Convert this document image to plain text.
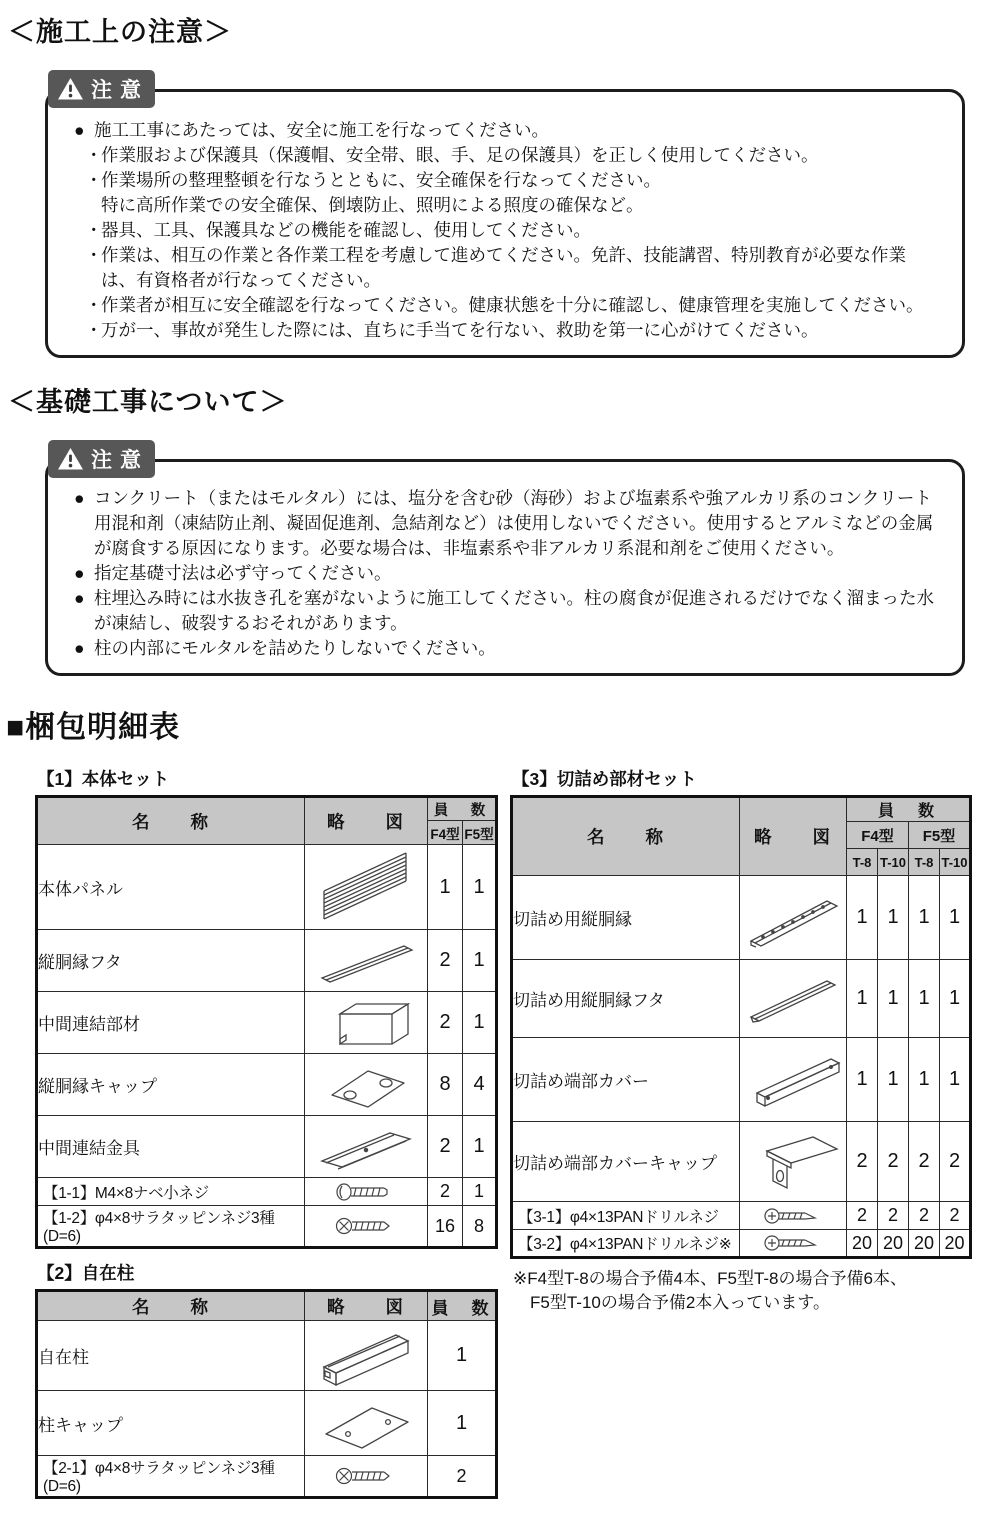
＜施工上の注意＞
注意
● 施工工事にあたっては、安全に施工を行なってください。
・
作業服および保護具（保護帽、安全帯、眼、手、足の保護具）を正しく使用してください。
・
作業場所の整理整頓を行なうとともに、安全確保を行なってください。
特に高所作業での安全確保、倒壊防止、照明による照度の確保など。
・
器具、工具、保護具などの機能を確認し、使用してください。
・
作業は、相互の作業と各作業工程を考慮して進めてください。免許、技能講習、特別教育が必要な作業は、有資格者が行なってください。
・
作業者が相互に安全確認を行なってください。健康状態を十分に確認し、健康管理を実施してください。
・
万が一、事故が発生した際には、直ちに手当てを行ない、救助を第一に心がけてください。
＜基礎工事について＞
注意
● コンクリート（またはモルタル）には、塩分を含む砂（海砂）および塩素系や強アルカリ系のコンクリート用混和剤（凍結防止剤、凝固促進剤、急結剤など）は使用しないでください。使用するとアルミなどの金属が腐食する原因になります。必要な場合は、非塩素系や非アルカリ系混和剤をご使用ください。
● 指定基礎寸法は必ず守ってください。
● 柱埋込み時には水抜き孔を塞がないように施工してください。柱の腐食が促進されるだけでなく溜まった水が凍結し、破裂するおそれがあります。
● 柱の内部にモルタルを詰めたりしないでください。
■梱包明細表
【1】本体セット
名　　称	略　　図	員　数	
		F4型	F5型
本体パネル		1	1
縦胴縁フタ		2	1
中間連結部材		2	1
縦胴縁キャップ		8	4
中間連結金具		2	1
【1-1】M4×8ナベ小ネジ		2	1
【1-2】φ4×8サラタッピンネジ3種(D=6)		16	8
【2】自在柱
名　　称	略　　図	員　数
自在柱		1
柱キャップ		1
【2-1】φ4×8サラタッピンネジ3種(D=6)		2
【3】切詰め部材セット
名　　称	略　　図	員　数			
		F4型		F5型	
		T-8	T-10	T-8	T-10
切詰め用縦胴縁		1	1	1	1
切詰め用縦胴縁フタ		1	1	1	1
切詰め端部カバー		1	1	1	1
切詰め端部カバーキャップ		2	2	2	2
【3-1】φ4×13PANドリルネジ		2	2	2	2
【3-2】φ4×13PANドリルネジ※		20	20	20	20
※F4型T-8の場合予備4本、F5型T-8の場合予備6本、
F5型T-10の場合予備2本入っています。
